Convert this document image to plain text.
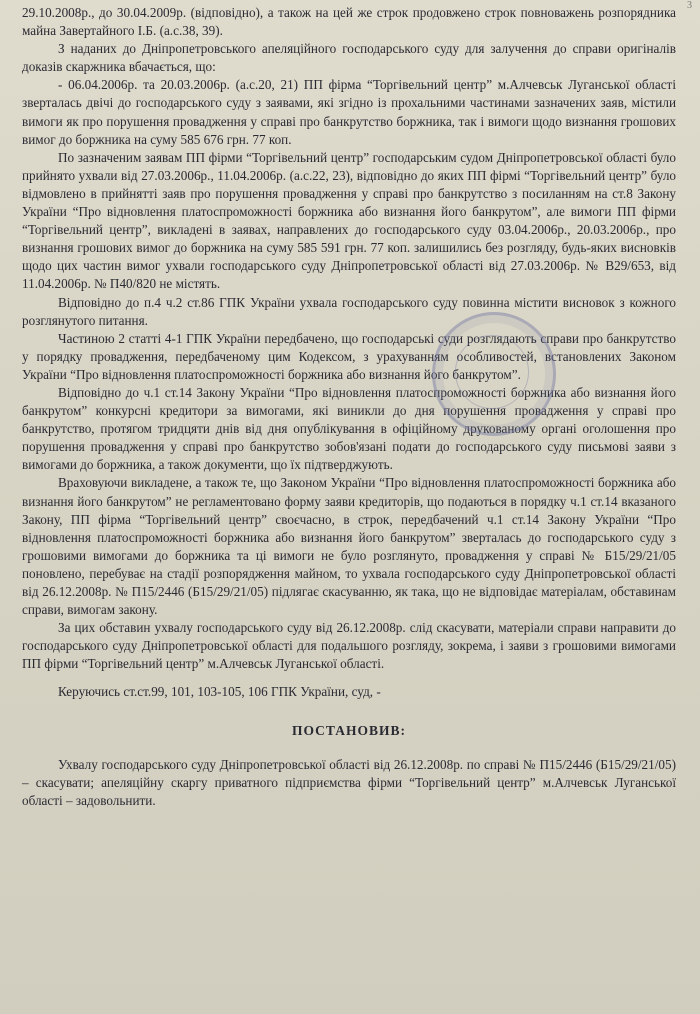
3

29.10.2008р., до 30.04.2009р. (відповідно), а також на цей же строк продовжено строк повноважень розпорядника майна Завертайного І.Б. (а.с.38, 39).

З наданих до Дніпропетровського апеляційного господарського суду для залучення до справи оригіналів доказів скаржника вбачається, що:

- 06.04.2006р. та 20.03.2006р. (а.с.20, 21) ПП фірма “Торгівельний центр” м.Алчевськ Луганської області зверталась двічі до господарського суду з заявами, які згідно із прохальними частинами зазначених заяв, містили вимоги як про порушення провадження у справі про банкрутство боржника, так і вимоги щодо визнання грошових вимог до боржника на суму 585 676 грн. 77 коп.

По зазначеним заявам ПП фірми “Торгівельний центр” господарським судом Дніпропетровської області було прийнято ухвали від 27.03.2006р., 11.04.2006р. (а.с.22, 23), відповідно до яких ПП фірмі “Торгівельний центр” було відмовлено в прийнятті заяв про порушення провадження у справі про банкрутство з посиланням на ст.8 Закону України “Про відновлення платоспроможності боржника або визнання його банкрутом”, але вимоги ПП фірми “Торгівельний центр”, викладені в заявах, направлених до господарського суду 03.04.2006р., 20.03.2006р., про визнання грошових вимог до боржника на суму 585 591 грн. 77 коп. залишились без розгляду, будь-яких висновків щодо цих частин вимог ухвали господарського суду Дніпропетровської області від 27.03.2006р. № В29/653, від 11.04.2006р. № П40/820 не містять.

Відповідно до п.4 ч.2 ст.86 ГПК України ухвала господарського суду повинна містити висновок з кожного розглянутого питання.

Частиною 2 статті 4-1 ГПК України передбачено, що господарські суди розглядають справи про банкрутство у порядку провадження, передбаченому цим Кодексом, з урахуванням особливостей, встановлених Законом України “Про відновлення платоспроможності боржника або визнання його банкрутом”.

Відповідно до ч.1 ст.14 Закону України “Про відновлення платоспроможності боржника або визнання його банкрутом” конкурсні кредитори за вимогами, які виникли до дня порушення провадження у справі про банкрутство, протягом тридцяти днів від дня опублікування в офіційному друкованому органі оголошення про порушення провадження у справі про банкрутство зобов'язані подати до господарського суду письмові заяви з вимогами до боржника, а також документи, що їх підтверджують.

Враховуючи викладене, а також те, що Законом України “Про відновлення платоспроможності боржника або визнання його банкрутом” не регламентовано форму заяви кредиторів, що подаються в порядку ч.1 ст.14 вказаного Закону, ПП фірма “Торгівельний центр” своєчасно, в строк, передбачений ч.1 ст.14 Закону України “Про відновлення платоспроможності боржника або визнання його банкрутом” зверталась до господарського суду з грошовими вимогами до боржника та ці вимоги не було розглянуто, провадження у справі № Б15/29/21/05 поновлено, перебуває на стадії розпорядження майном, то ухвала господарського суду Дніпропетровської області від 26.12.2008р. № П15/2446 (Б15/29/21/05) підлягає скасуванню, як така, що не відповідає матеріалам, обставинам справи, вимогам закону.

За цих обставин ухвалу господарського суду від 26.12.2008р. слід скасувати, матеріали справи направити до господарського суду Дніпропетровської області для подальшого розгляду, зокрема, і заяви з грошовими вимогами ПП фірми “Торгівельний центр” м.Алчевськ Луганської області.

Керуючись ст.ст.99, 101, 103-105, 106 ГПК України, суд, -

ПОСТАНОВИВ:

Ухвалу господарського суду Дніпропетровської області від 26.12.2008р. по справі № П15/2446 (Б15/29/21/05) – скасувати; апеляційну скаргу приватного підприємства фірми “Торгівельний центр” м.Алчевськ Луганської області – задовольнити.
